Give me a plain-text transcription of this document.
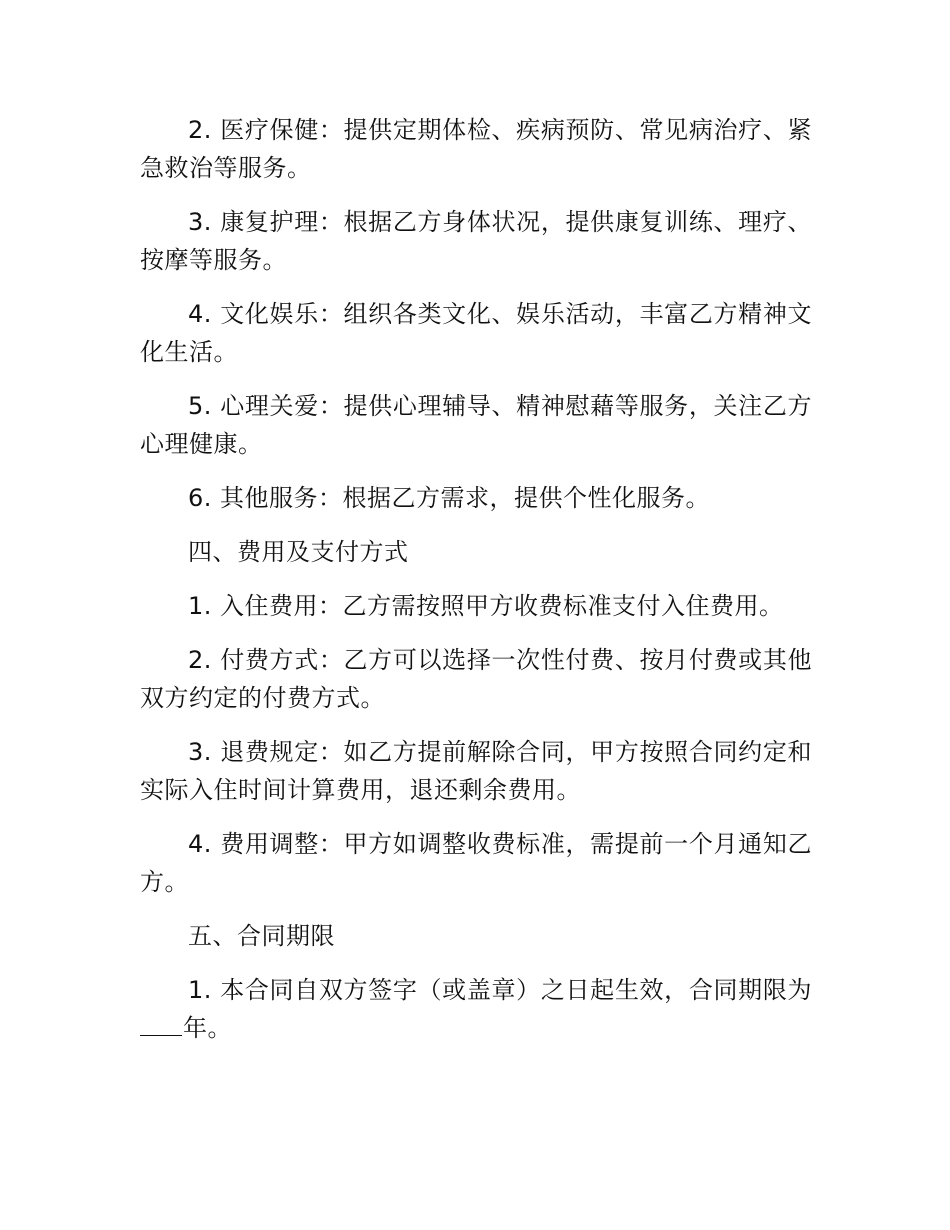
2. 医疗保健：提供定期体检、疾病预防、常见病治疗、紧急救治等服务。

3. 康复护理：根据乙方身体状况，提供康复训练、理疗、按摩等服务。

4. 文化娱乐：组织各类文化、娱乐活动，丰富乙方精神文化生活。

5. 心理关爱：提供心理辅导、精神慰藉等服务，关注乙方心理健康。

6. 其他服务：根据乙方需求，提供个性化服务。

四、费用及支付方式

1. 入住费用：乙方需按照甲方收费标准支付入住费用。

2. 付费方式：乙方可以选择一次性付费、按月付费或其他双方约定的付费方式。

3. 退费规定：如乙方提前解除合同，甲方按照合同约定和实际入住时间计算费用，退还剩余费用。

4. 费用调整：甲方如调整收费标准，需提前一个月通知乙方。

五、合同期限

1. 本合同自双方签字（或盖章）之日起生效，合同期限为年。
